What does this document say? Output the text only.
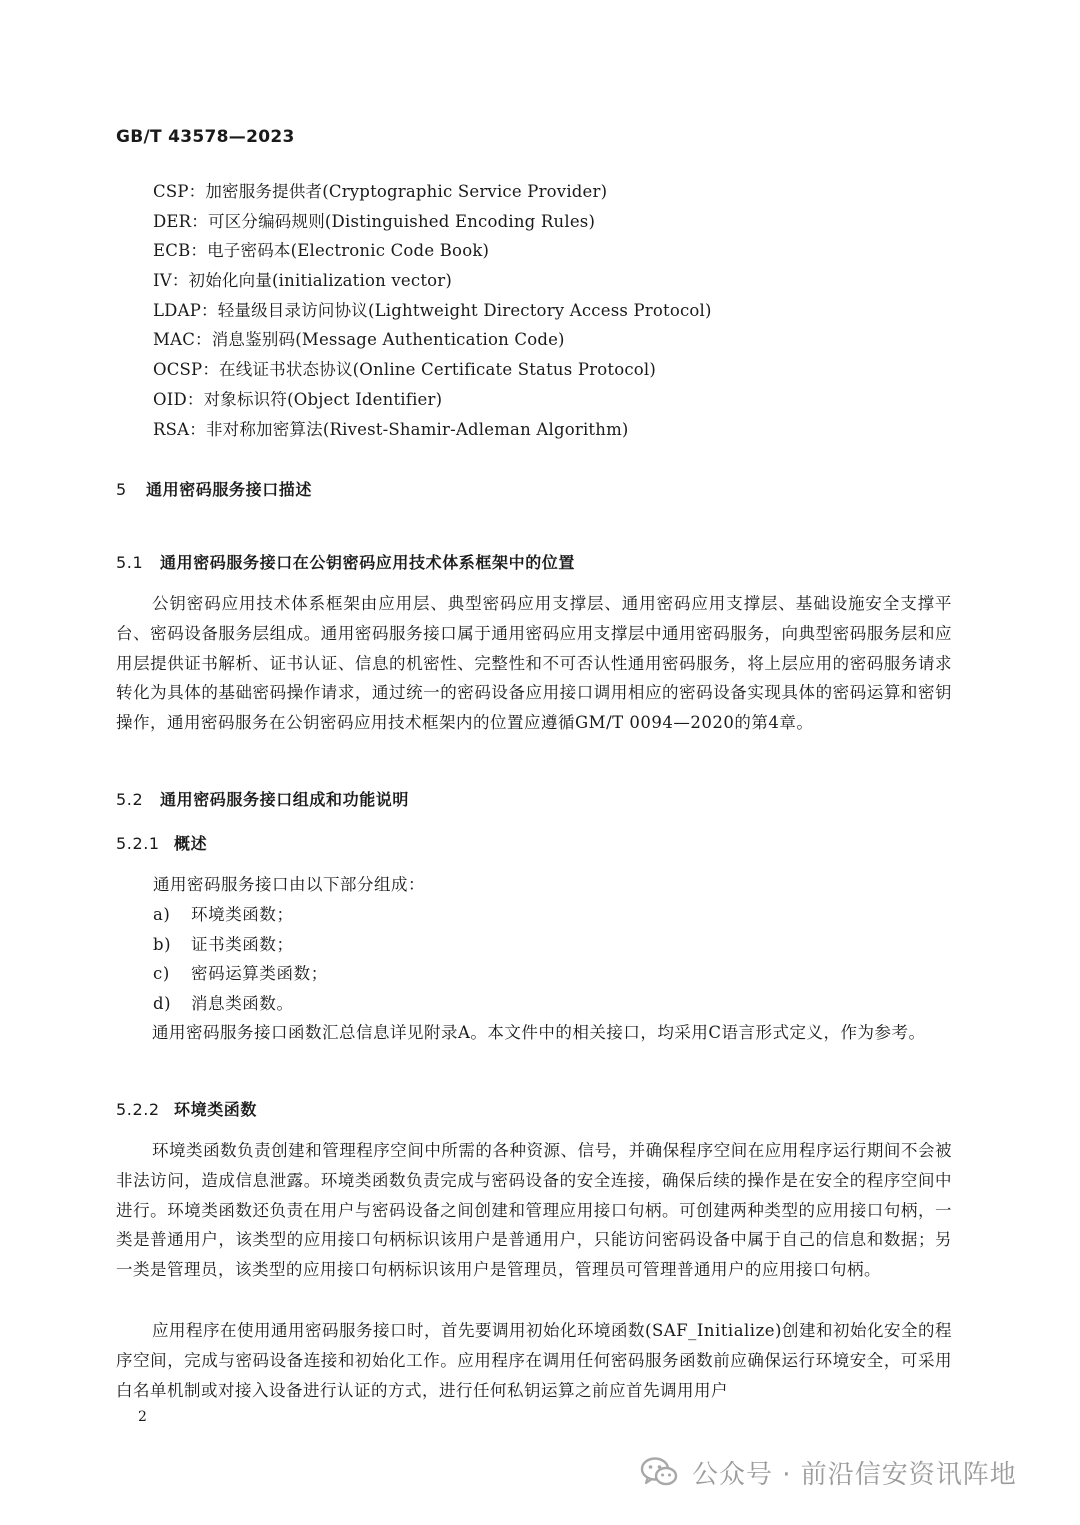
GB/T 43578—2023
CSP：加密服务提供者(Cryptographic Service Provider)
DER：可区分编码规则(Distinguished Encoding Rules)
ECB：电子密码本(Electronic Code Book)
IV：初始化向量(initialization vector)
LDAP：轻量级目录访问协议(Lightweight Directory Access Protocol)
MAC：消息鉴别码(Message Authentication Code)
OCSP：在线证书状态协议(Online Certificate Status Protocol)
OID：对象标识符(Object Identifier)
RSA：非对称加密算法(Rivest-Shamir-Adleman Algorithm)
5 通用密码服务接口描述
5.1 通用密码服务接口在公钥密码应用技术体系框架中的位置

公钥密码应用技术体系框架由应用层、典型密码应用支撑层、通用密码应用支撑层、基础设施安全支撑平台、密码设备服务层组成。通用密码服务接口属于通用密码应用支撑层中通用密码服务，向典型密码服务层和应用层提供证书解析、证书认证、信息的机密性、完整性和不可否认性通用密码服务，将上层应用的密码服务请求转化为具体的基础密码操作请求，通过统一的密码设备应用接口调用相应的密码设备实现具体的密码运算和密钥操作，通用密码服务在公钥密码应用技术框架内的位置应遵循GM/T 0094—2020的第4章。

5.2 通用密码服务接口组成和功能说明
5.2.1 概述
通用密码服务接口由以下部分组成：
a) 环境类函数；
b) 证书类函数；
c) 密码运算类函数；
d) 消息类函数。

通用密码服务接口函数汇总信息详见附录A。本文件中的相关接口，均采用C语言形式定义，作为参考。

5.2.2 环境类函数

环境类函数负责创建和管理程序空间中所需的各种资源、信号，并确保程序空间在应用程序运行期间不会被非法访问，造成信息泄露。环境类函数负责完成与密码设备的安全连接，确保后续的操作是在安全的程序空间中进行。环境类函数还负责在用户与密码设备之间创建和管理应用接口句柄。可创建两种类型的应用接口句柄，一类是普通用户，该类型的应用接口句柄标识该用户是普通用户，只能访问密码设备中属于自己的信息和数据；另一类是管理员，该类型的应用接口句柄标识该用户是管理员，管理员可管理普通用户的应用接口句柄。

应用程序在使用通用密码服务接口时，首先要调用初始化环境函数(SAF_Initialize)创建和初始化安全的程序空间，完成与密码设备连接和初始化工作。应用程序在调用任何密码服务函数前应确保运行环境安全，可采用白名单机制或对接入设备进行认证的方式，进行任何私钥运算之前应首先调用用户

2
公众号 · 前沿信安资讯阵地
